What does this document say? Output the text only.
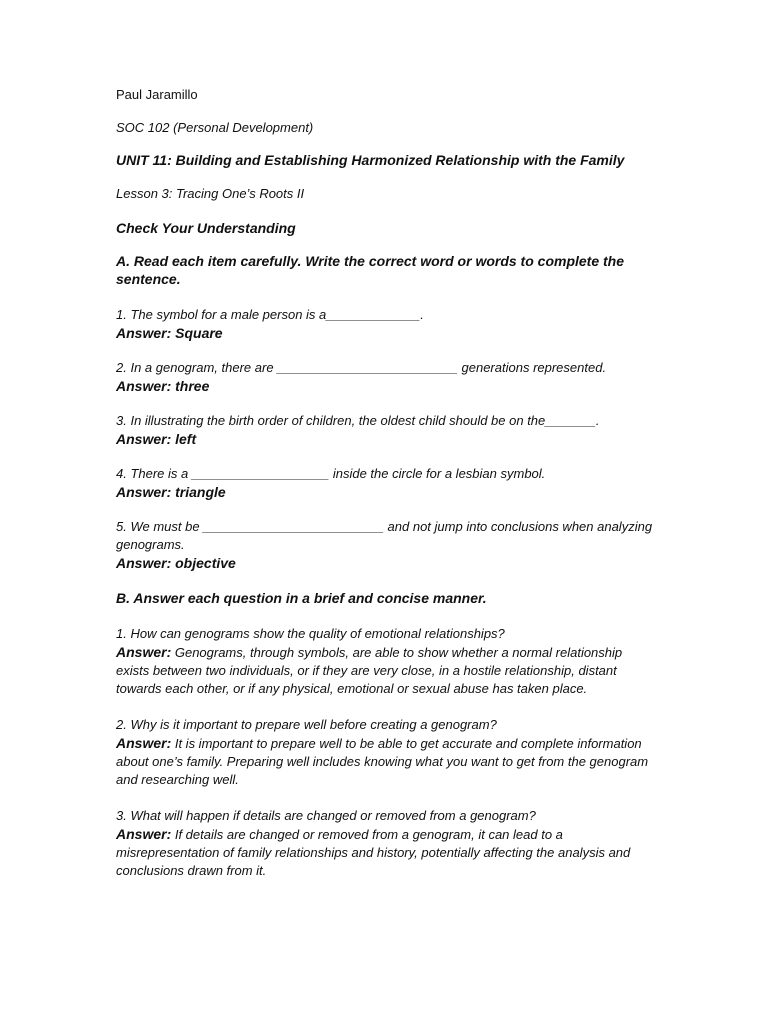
Paul Jaramillo
SOC 102 (Personal Development)
UNIT 11: Building and Establishing Harmonized Relationship with the Family
Lesson 3: Tracing One’s Roots II
Check Your Understanding
A. Read each item carefully. Write the correct word or words to complete the sentence.
1. The symbol for a male person is a_____________.
Answer: Square
2. In a genogram, there are _________________________ generations represented.
Answer: three
3. In illustrating the birth order of children, the oldest child should be on the_______.
Answer: left
4. There is a ___________________ inside the circle for a lesbian symbol.
Answer: triangle
5. We must be _________________________ and not jump into conclusions when analyzing genograms.
Answer: objective
B. Answer each question in a brief and concise manner.
1. How can genograms show the quality of emotional relationships?
Answer: Genograms, through symbols, are able to show whether a normal relationship exists between two individuals, or if they are very close, in a hostile relationship, distant towards each other, or if any physical, emotional or sexual abuse has taken place.
2. Why is it important to prepare well before creating a genogram?
Answer: It is important to prepare well to be able to get accurate and complete information about one’s family. Preparing well includes knowing what you want to get from the genogram and researching well.
3. What will happen if details are changed or removed from a genogram?
Answer: If details are changed or removed from a genogram, it can lead to a misrepresentation of family relationships and history, potentially affecting the analysis and conclusions drawn from it.
